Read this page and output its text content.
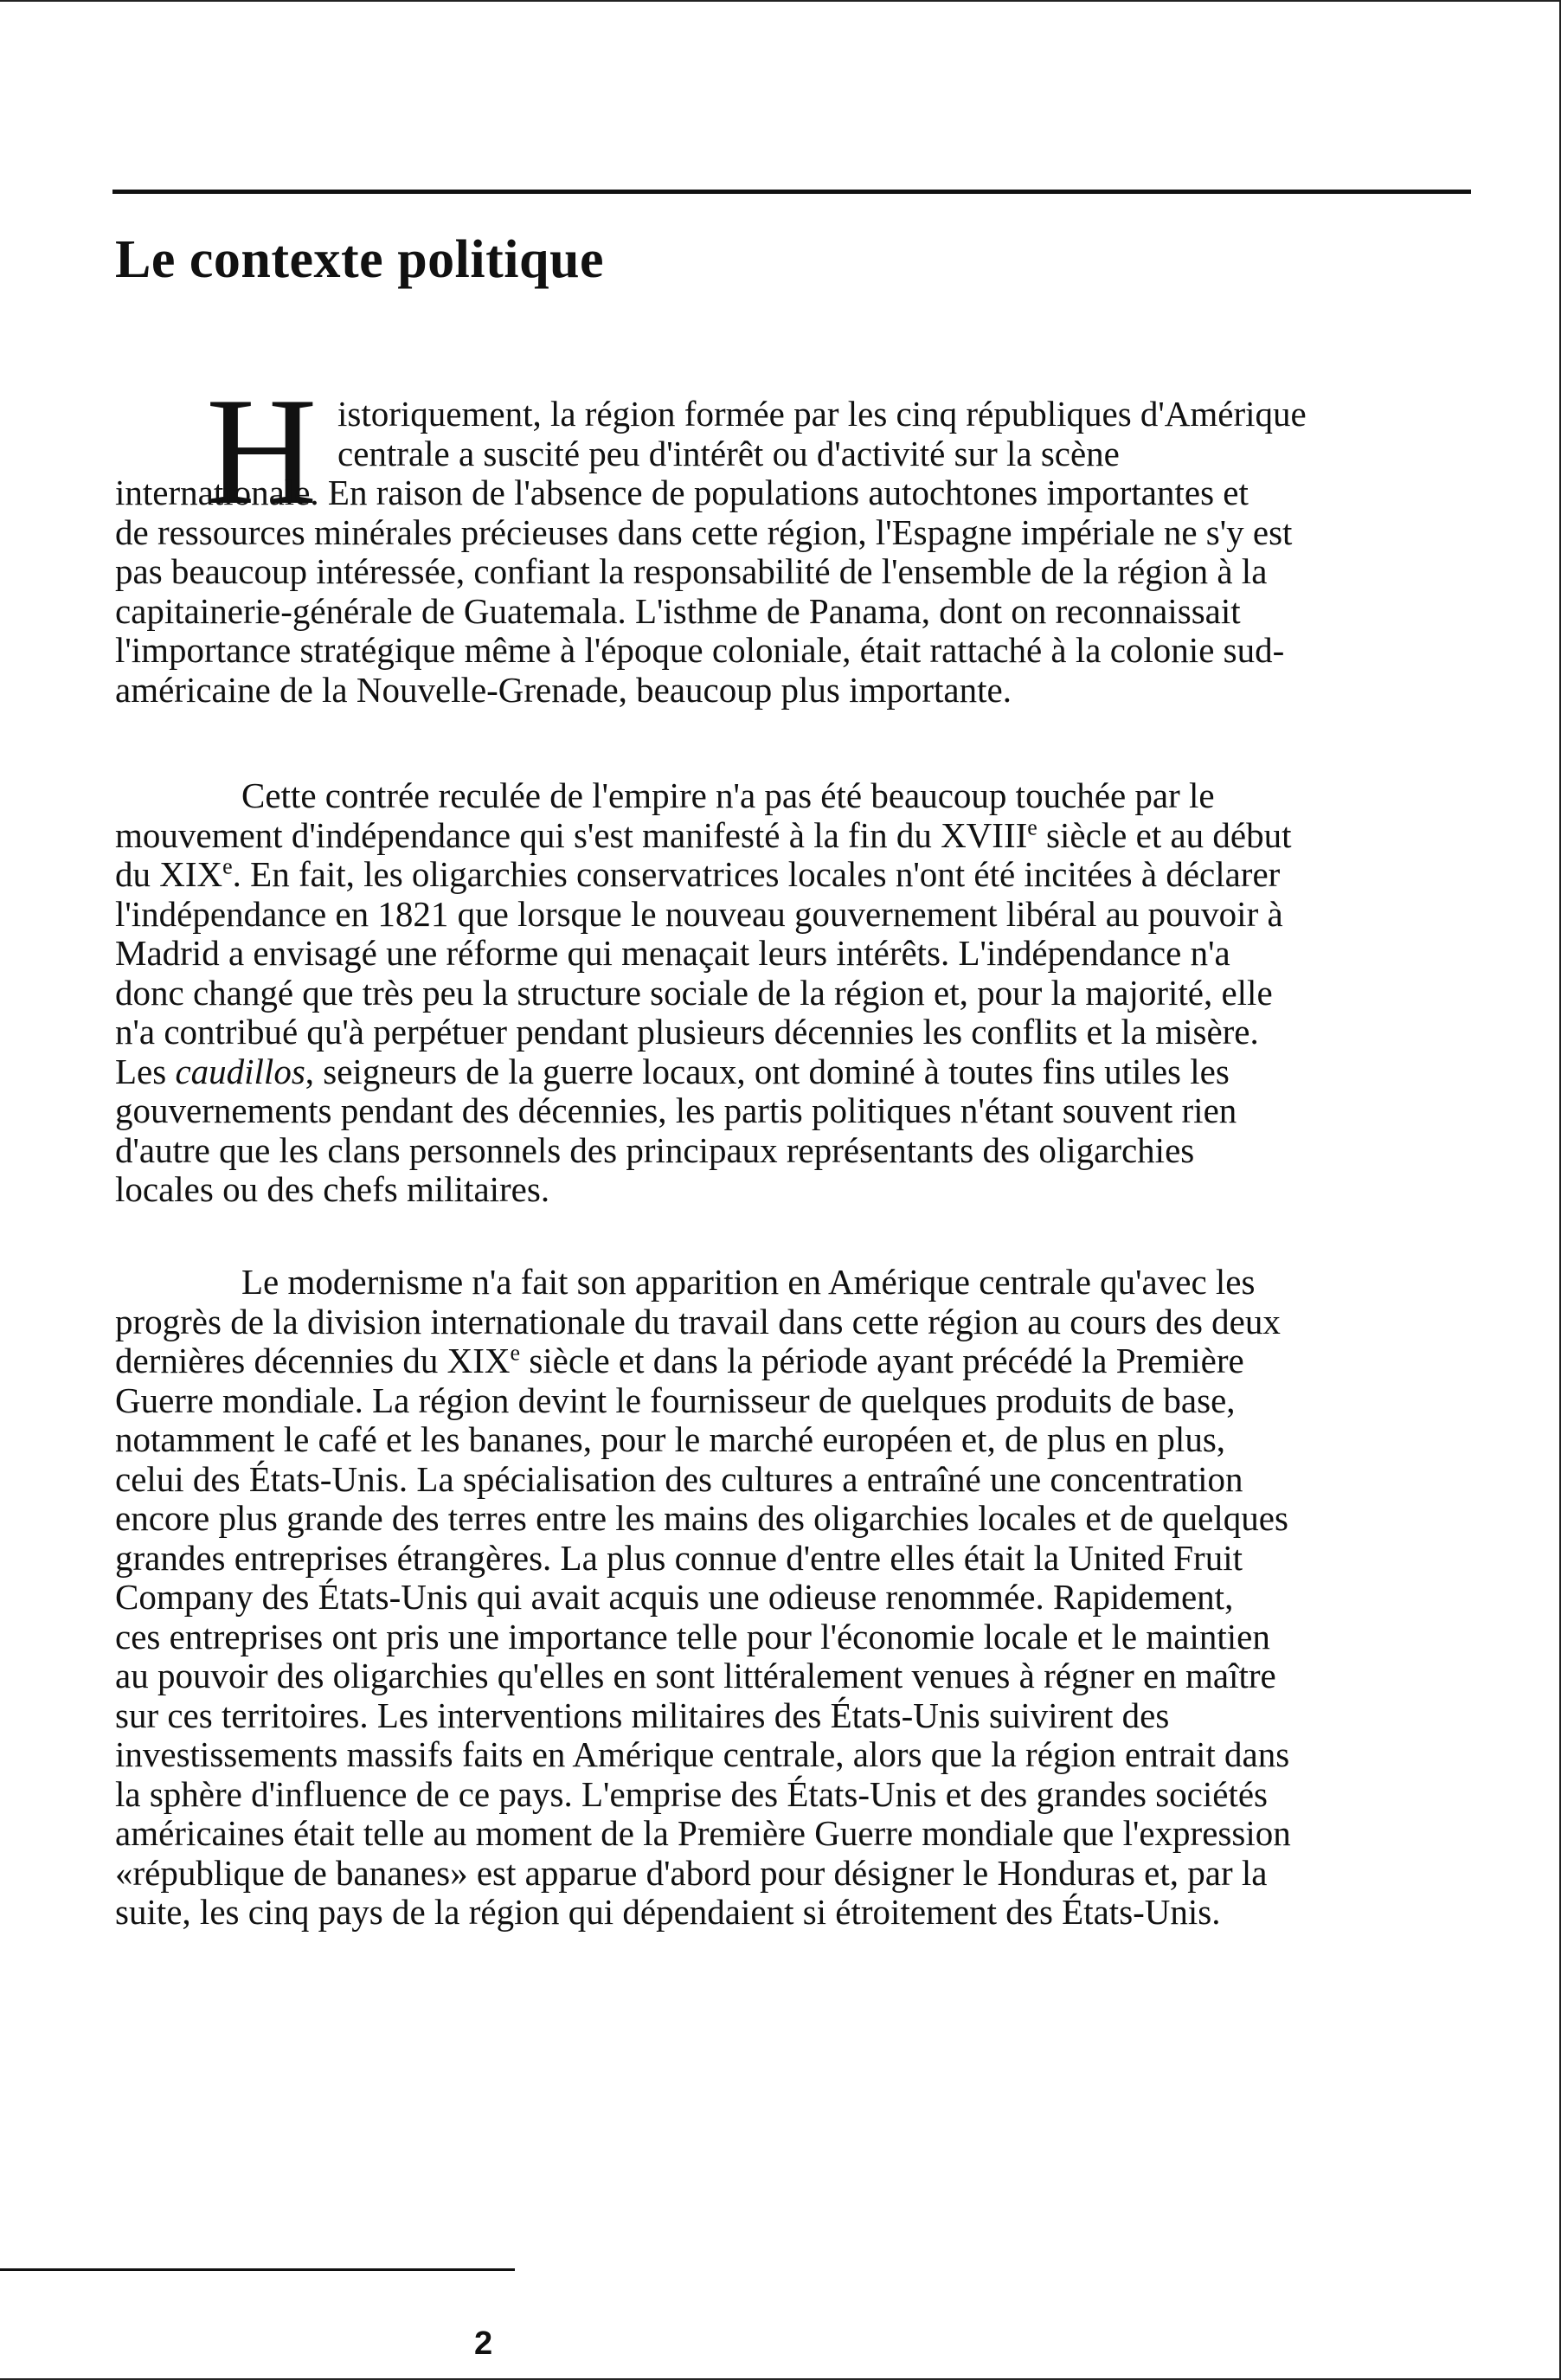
Le contexte politique
H istoriquement, la région formée par les cinq républiques d'Amérique
centrale a suscité peu d'intérêt ou d'activité sur la scène
internationale. En raison de l'absence de populations autochtones importantes et
de ressources minérales précieuses dans cette région, l'Espagne impériale ne s'y est
pas beaucoup intéressée, confiant la responsabilité de l'ensemble de la région à la
capitainerie-générale de Guatemala. L'isthme de Panama, dont on reconnaissait
l'importance stratégique même à l'époque coloniale, était rattaché à la colonie sud-
américaine de la Nouvelle-Grenade, beaucoup plus importante.

Cette contrée reculée de l'empire n'a pas été beaucoup touchée par le
mouvement d'indépendance qui s'est manifesté à la fin du XVIIIe siècle et au début
du XIXe. En fait, les oligarchies conservatrices locales n'ont été incitées à déclarer
l'indépendance en 1821 que lorsque le nouveau gouvernement libéral au pouvoir à
Madrid a envisagé une réforme qui menaçait leurs intérêts. L'indépendance n'a
donc changé que très peu la structure sociale de la région et, pour la majorité, elle
n'a contribué qu'à perpétuer pendant plusieurs décennies les conflits et la misère.
Les caudillos, seigneurs de la guerre locaux, ont dominé à toutes fins utiles les
gouvernements pendant des décennies, les partis politiques n'étant souvent rien
d'autre que les clans personnels des principaux représentants des oligarchies
locales ou des chefs militaires.

Le modernisme n'a fait son apparition en Amérique centrale qu'avec les
progrès de la division internationale du travail dans cette région au cours des deux
dernières décennies du XIXe siècle et dans la période ayant précédé la Première
Guerre mondiale. La région devint le fournisseur de quelques produits de base,
notamment le café et les bananes, pour le marché européen et, de plus en plus,
celui des États-Unis. La spécialisation des cultures a entraîné une concentration
encore plus grande des terres entre les mains des oligarchies locales et de quelques
grandes entreprises étrangères. La plus connue d'entre elles était la United Fruit
Company des États-Unis qui avait acquis une odieuse renommée. Rapidement,
ces entreprises ont pris une importance telle pour l'économie locale et le maintien
au pouvoir des oligarchies qu'elles en sont littéralement venues à régner en maître
sur ces territoires. Les interventions militaires des États-Unis suivirent des
investissements massifs faits en Amérique centrale, alors que la région entrait dans
la sphère d'influence de ce pays. L'emprise des États-Unis et des grandes sociétés
américaines était telle au moment de la Première Guerre mondiale que l'expression
«république de bananes» est apparue d'abord pour désigner le Honduras et, par la
suite, les cinq pays de la région qui dépendaient si étroitement des États-Unis.

2
